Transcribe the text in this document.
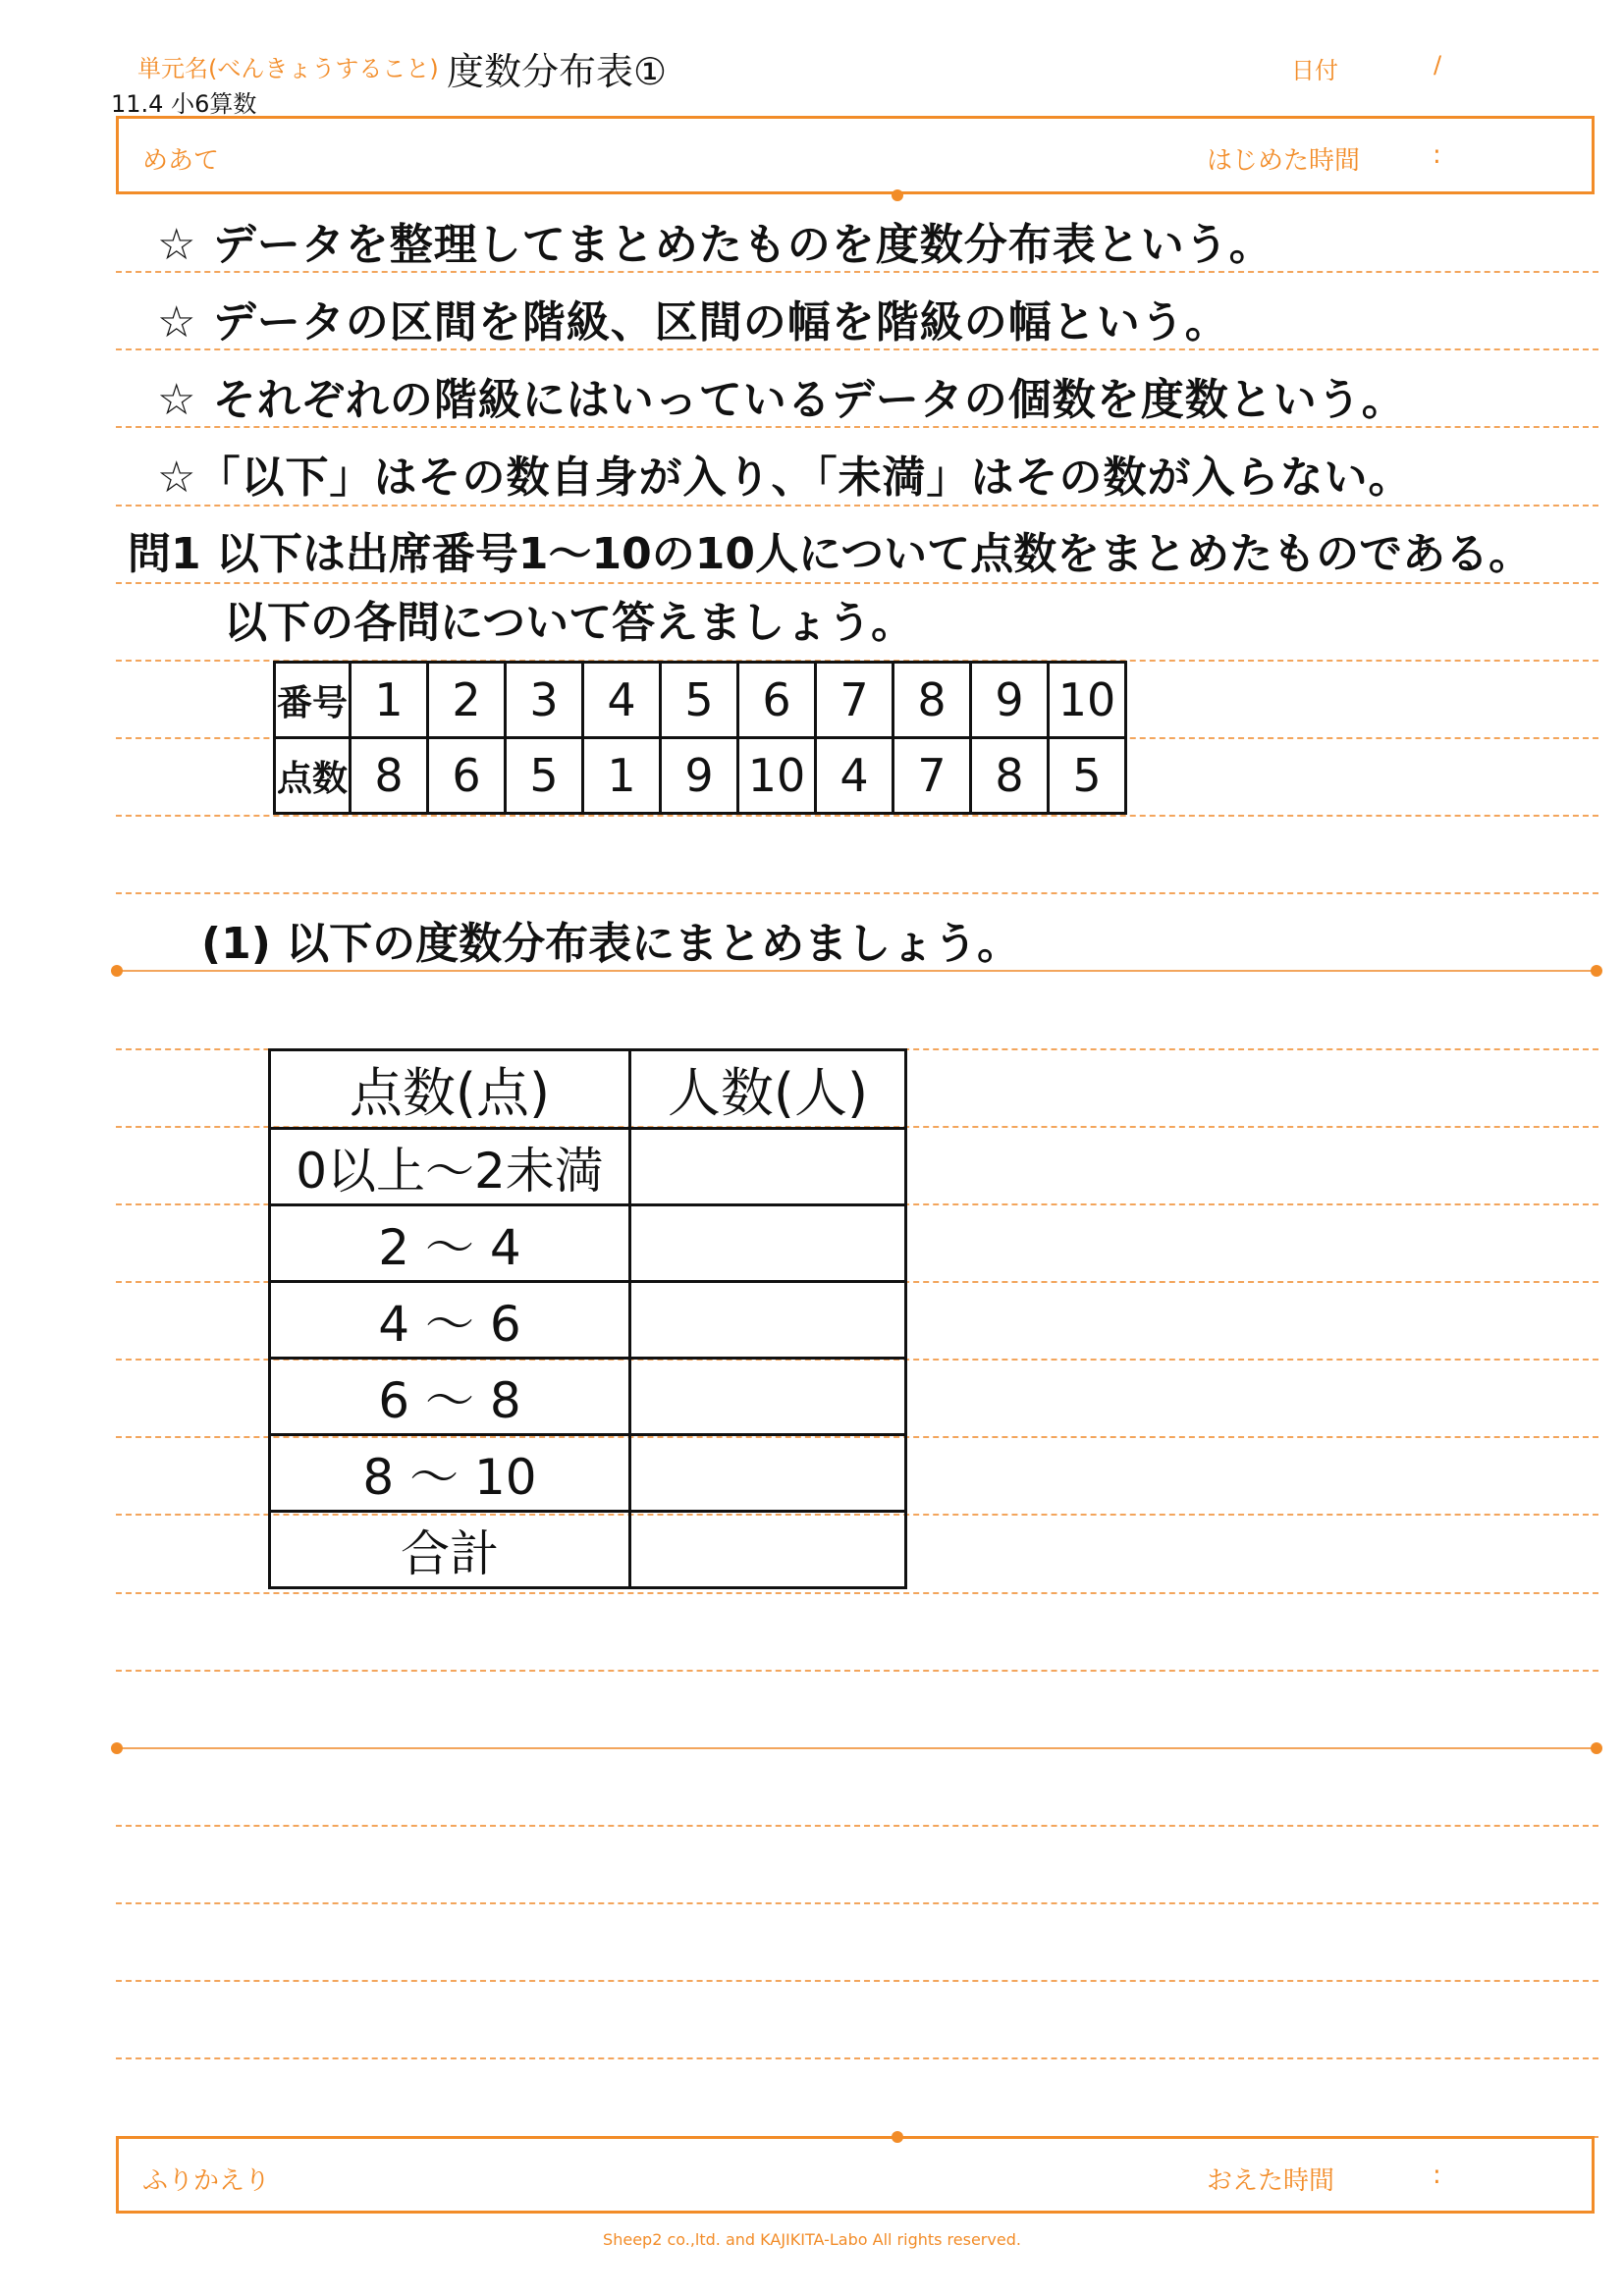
単元名(べんきょうすること) 度数分布表①	日付	/
11.4 小6算数
めあて	はじめた時間	:
☆ データを整理してまとめたものを度数分布表という。
☆ データの区間を階級、区間の幅を階級の幅という。
☆ それぞれの階級にはいっているデータの個数を度数という。
☆「以下」はその数自身が入り、「未満」はその数が入らない。
問1 以下は出席番号1～10の10人について点数をまとめたものである。
以下の各問について答えましょう。
番号	1	2	3	4	5	6	7	8	9	10
点数	8	6	5	1	9	10	4	7	8	5
(1) 以下の度数分布表にまとめましょう。
点数(点)	人数(人)
0以上～2未満	
2 ～ 4	
4 ～ 6	
6 ～ 8	
8 ～ 10	
合計	
ふりかえり	おえた時間	:
Sheep2 co.,ltd. and KAJIKITA-Labo All rights reserved.
